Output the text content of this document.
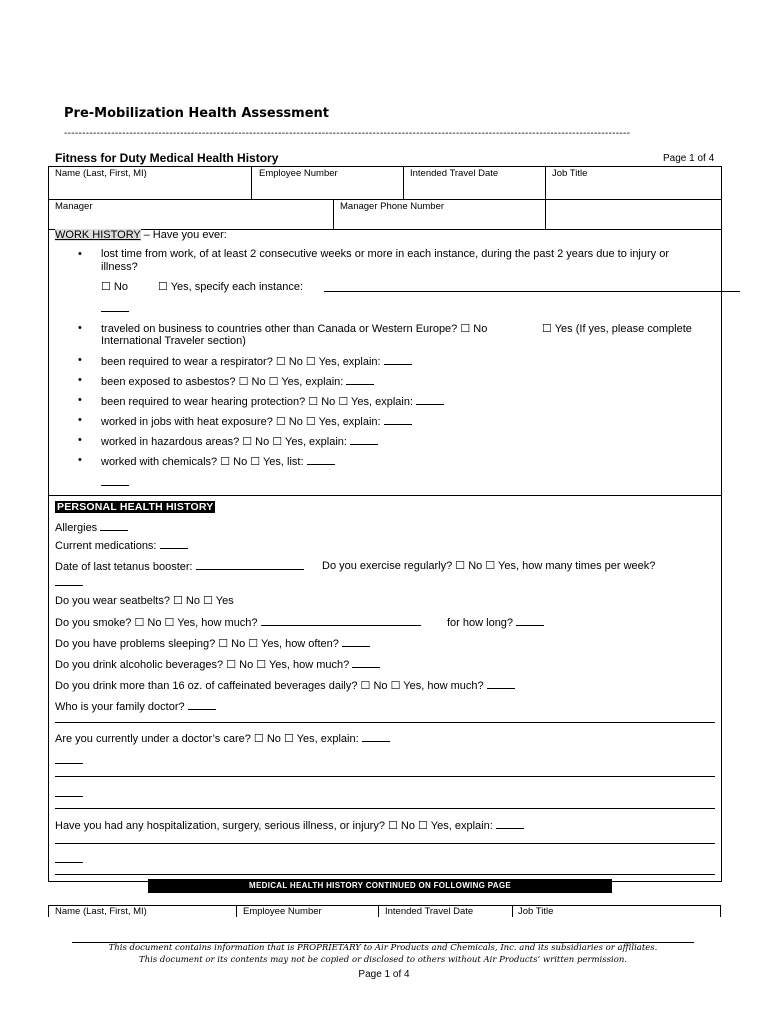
Pre-Mobilization Health Assessment
------------------------------------------------------------------------------------------------------------------------------------------------------------
Fitness for Duty Medical Health History	Page 1 of 4
Name (Last, First, MI)	Employee Number	Intended Travel Date	Job Title
Manager	Manager Phone Number
WORK HISTORY – Have you ever:
• lost time from work, of at least 2 consecutive weeks or more in each instance, during the past 2 years due to injury or
illness?
☐ No	☐ Yes, specify each instance:
• traveled on business to countries other than Canada or Western Europe? ☐ No	☐ Yes (If yes, please complete
International Traveler section)
• been required to wear a respirator? ☐ No ☐ Yes, explain:
• been exposed to asbestos? ☐ No ☐ Yes, explain:
• been required to wear hearing protection? ☐ No ☐ Yes, explain:
• worked in jobs with heat exposure? ☐ No ☐ Yes, explain:
• worked in hazardous areas? ☐ No ☐ Yes, explain:
• worked with chemicals? ☐ No ☐ Yes, list:
PERSONAL HEALTH HISTORY
Allergies
Current medications:
Date of last tetanus booster:	Do you exercise regularly? ☐ No ☐ Yes, how many times per week?
Do you wear seatbelts? ☐ No ☐ Yes
Do you smoke? ☐ No ☐ Yes, how much?	for how long?
Do you have problems sleeping? ☐ No ☐ Yes, how often?
Do you drink alcoholic beverages? ☐ No ☐ Yes, how much?
Do you drink more than 16 oz. of caffeinated beverages daily? ☐ No ☐ Yes, how much?
Who is your family doctor?
Are you currently under a doctor’s care? ☐ No ☐ Yes, explain:
Have you had any hospitalization, surgery, serious illness, or injury? ☐ No ☐ Yes, explain:
MEDICAL HEALTH HISTORY CONTINUED ON FOLLOWING PAGE
Name (Last, First, MI)	Employee Number	Intended Travel Date	Job Title
This document contains information that is PROPRIETARY to Air Products and Chemicals, Inc. and its subsidiaries or affiliates.
This document or its contents may not be copied or disclosed to others without Air Products’ written permission.
Page 1 of 4
